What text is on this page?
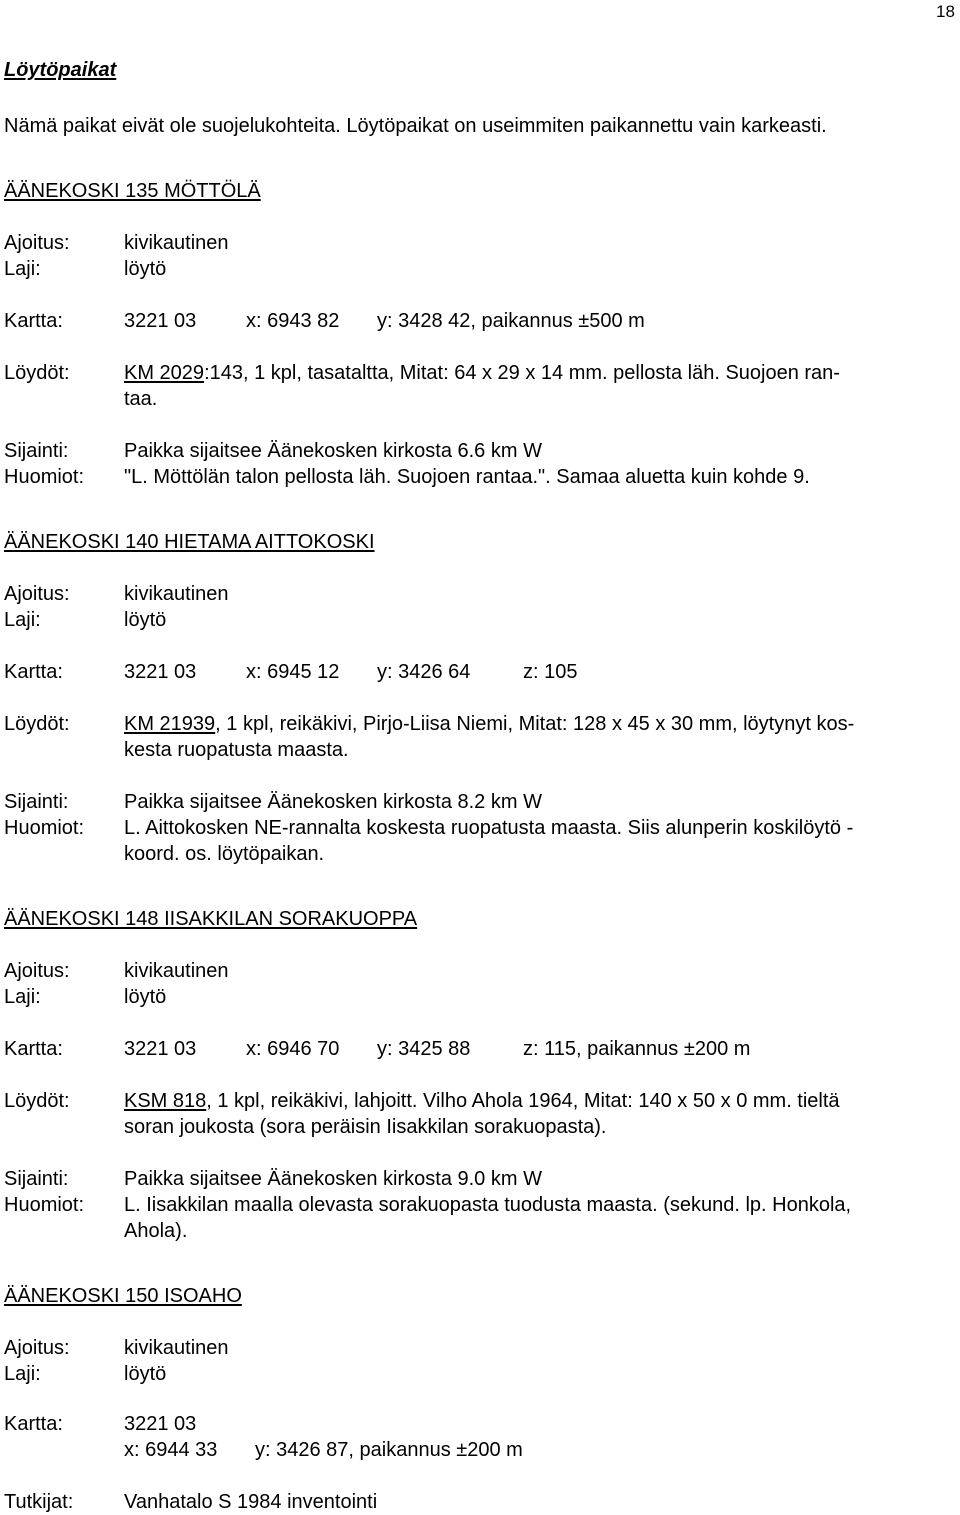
18
Löytöpaikat
Nämä paikat eivät ole suojelukohteita. Löytöpaikat on useimmiten paikannettu vain karkeasti.
ÄÄNEKOSKI 135 MÖTTÖLÄ
Ajoitus:	kivikautinen
Laji:	löytö
Kartta:	3221 03 x: 6943 82 y: 3428 42, paikannus ±500 m
Löydöt:	KM 2029:143, 1 kpl, tasataltta, Mitat: 64 x 29 x 14 mm. pellosta läh. Suojoen ran-
taa.
Sijainti:	Paikka sijaitsee Äänekosken kirkosta 6.6 km W
Huomiot: "L. Möttölän talon pellosta läh. Suojoen rantaa.". Samaa aluetta kuin kohde 9.
ÄÄNEKOSKI 140 HIETAMA AITTOKOSKI
Ajoitus:	kivikautinen
Laji:	löytö
Kartta:	3221 03 x: 6945 12 y: 3426 64	z: 105
Löydöt:	KM 21939, 1 kpl, reikäkivi, Pirjo-Liisa Niemi, Mitat: 128 x 45 x 30 mm, löytynyt kos-
kesta ruopatusta maasta.
Sijainti:	Paikka sijaitsee Äänekosken kirkosta 8.2 km W
Huomiot: L. Aittokosken NE-rannalta koskesta ruopatusta maasta. Siis alunperin koskilöytö -
koord. os. löytöpaikan.
ÄÄNEKOSKI 148 IISAKKILAN SORAKUOPPA
Ajoitus:	kivikautinen
Laji:	löytö
Kartta:	3221 03 x: 6946 70 y: 3425 88	z: 115, paikannus ±200 m
Löydöt:	KSM 818, 1 kpl, reikäkivi, lahjoitt. Vilho Ahola 1964, Mitat: 140 x 50 x 0 mm. tieltä
soran joukosta (sora peräisin Iisakkilan sorakuopasta).
Sijainti:	Paikka sijaitsee Äänekosken kirkosta 9.0 km W
Huomiot: L. Iisakkilan maalla olevasta sorakuopasta tuodusta maasta. (sekund. lp. Honkola,
Ahola).
ÄÄNEKOSKI 150 ISOAHO
Ajoitus:	kivikautinen
Laji:	löytö
Kartta:	3221 03
x: 6944 33 y: 3426 87, paikannus ±200 m
Tutkijat:	Vanhatalo S 1984 inventointi
